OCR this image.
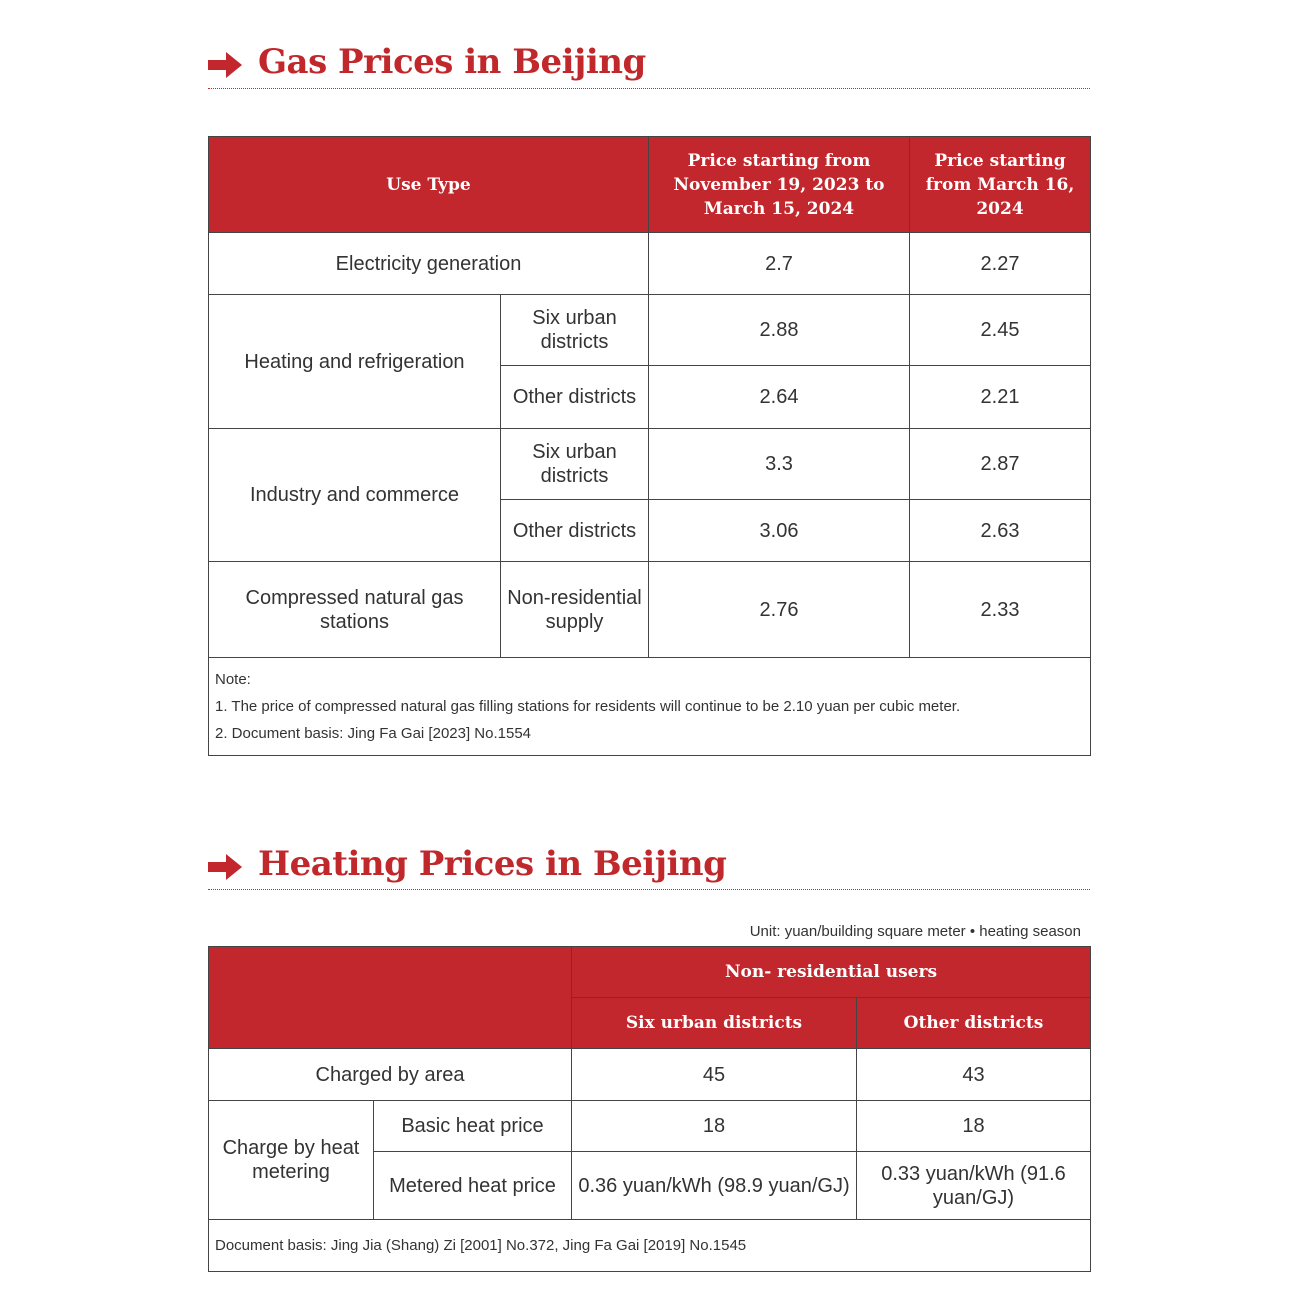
Gas Prices in Beijing
Use Type		Price starting from November 19, 2023 to March 15, 2024	Price starting from March 16, 2024
Electricity generation		2.7	2.27
Heating and refrigeration	Six urban districts	2.88	2.45
	Other districts	2.64	2.21
Industry and commerce	Six urban districts	3.3	2.87
	Other districts	3.06	2.63
Compressed natural gas stations	Non-residential supply	2.76	2.33

Note:
1. The price of compressed natural gas filling stations for residents will continue to be 2.10 yuan per cubic meter.
2. Document basis: Jing Fa Gai [2023] No.1554			
Heating Prices in Beijing
Unit: yuan/building square meter • heating season
		Non- residential users	
		Six urban districts	Other districts
Charged by area		45	43
Charge by heat metering	Basic heat price	18	18
	Metered heat price	0.36 yuan/kWh (98.9 yuan/GJ)	0.33 yuan/kWh (91.6 yuan/GJ)
Document basis: Jing Jia (Shang) Zi [2001] No.372, Jing Fa Gai [2019] No.1545			
